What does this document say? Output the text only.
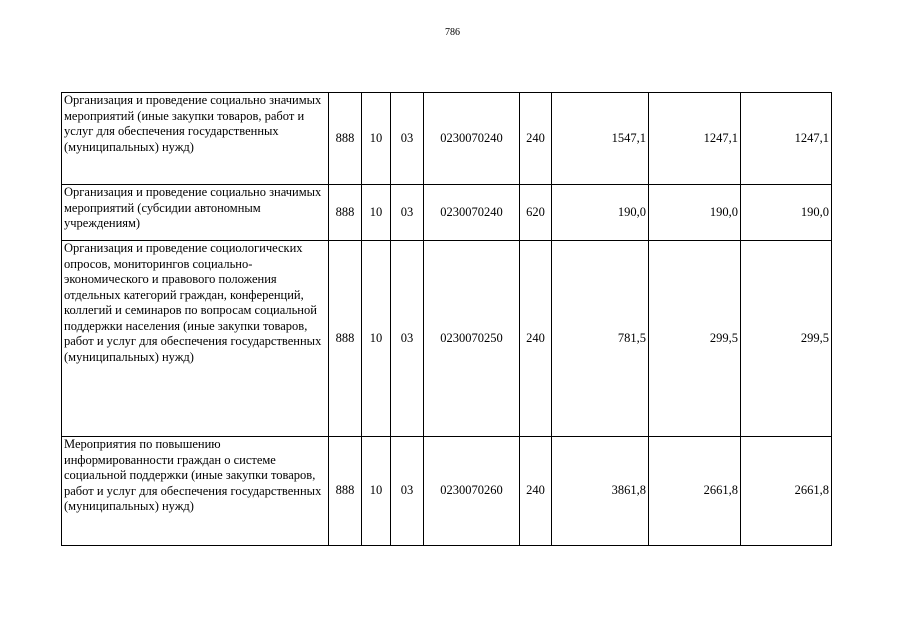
786
Организация и проведение социально значимых мероприятий (иные закупки товаров, работ и услуг для обеспечения государственных (муниципальных) нужд)	888	10	03	0230070240	240	1547,1	1247,1	1247,1
Организация и проведение социально значимых мероприятий (субсидии автономным учреждениям)	888	10	03	0230070240	620	190,0	190,0	190,0
Организация и проведение социологических опросов, мониторингов социально-экономического и правового положения отдельных категорий граждан, конференций, коллегий и семинаров по вопросам социальной поддержки населения (иные закупки товаров, работ и услуг для обеспечения государственных (муниципальных) нужд)	888	10	03	0230070250	240	781,5	299,5	299,5
Мероприятия по повышению информированности граждан о системе социальной поддержки (иные закупки товаров, работ и услуг для обеспечения государственных (муниципальных) нужд)	888	10	03	0230070260	240	3861,8	2661,8	2661,8
